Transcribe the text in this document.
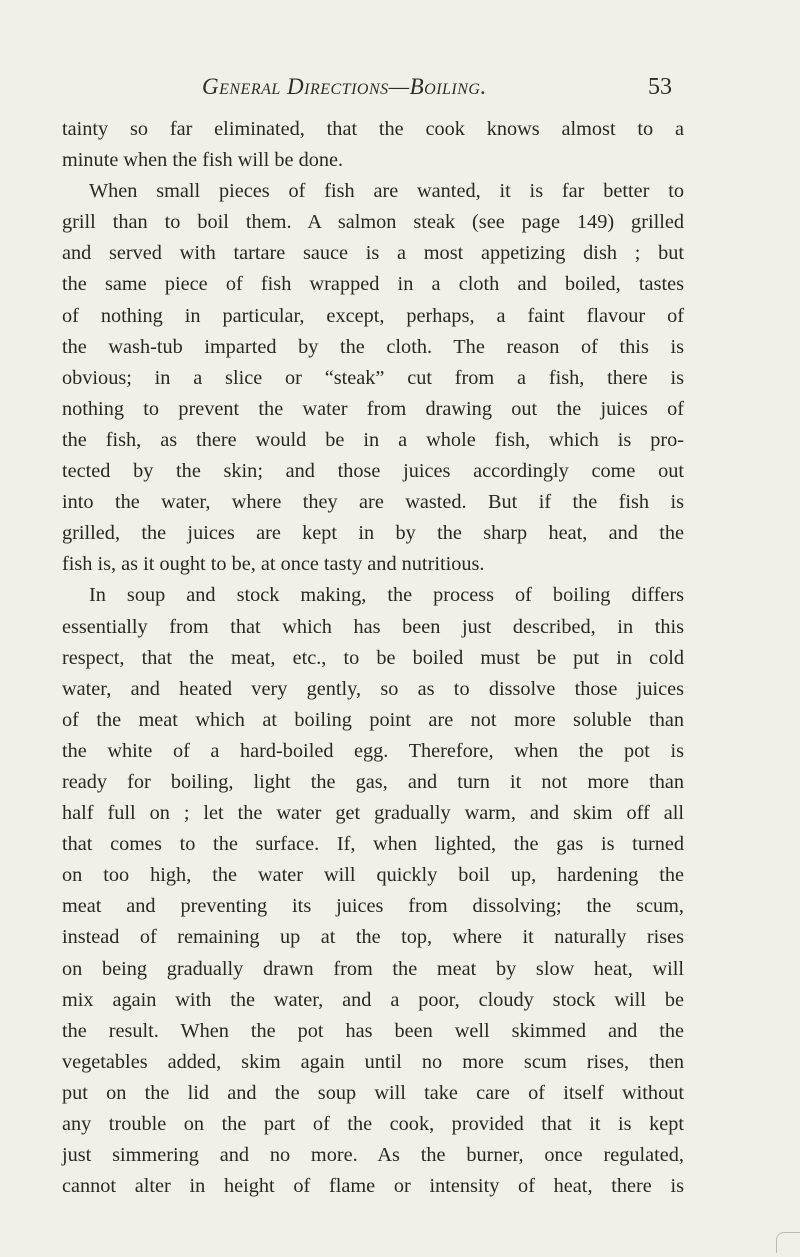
General Directions—Boiling.	53
tainty so far eliminated, that the cook knows almost to a
minute when the fish will be done.
When small pieces of fish are wanted, it is far better to
grill than to boil them. A salmon steak (see page 149) grilled
and served with tartare sauce is a most appetizing dish ; but
the same piece of fish wrapped in a cloth and boiled, tastes
of nothing in particular, except, perhaps, a faint flavour of
the wash-tub imparted by the cloth. The reason of this is
obvious; in a slice or “steak” cut from a fish, there is
nothing to prevent the water from drawing out the juices of
the fish, as there would be in a whole fish, which is pro-
tected by the skin; and those juices accordingly come out
into the water, where they are wasted. But if the fish is
grilled, the juices are kept in by the sharp heat, and the
fish is, as it ought to be, at once tasty and nutritious.
In soup and stock making, the process of boiling differs
essentially from that which has been just described, in this
respect, that the meat, etc., to be boiled must be put in cold
water, and heated very gently, so as to dissolve those juices
of the meat which at boiling point are not more soluble than
the white of a hard-boiled egg. Therefore, when the pot is
ready for boiling, light the gas, and turn it not more than
half full on ; let the water get gradually warm, and skim off all
that comes to the surface. If, when lighted, the gas is turned
on too high, the water will quickly boil up, hardening the
meat and preventing its juices from dissolving; the scum,
instead of remaining up at the top, where it naturally rises
on being gradually drawn from the meat by slow heat, will
mix again with the water, and a poor, cloudy stock will be
the result. When the pot has been well skimmed and the
vegetables added, skim again until no more scum rises, then
put on the lid and the soup will take care of itself without
any trouble on the part of the cook, provided that it is kept
just simmering and no more. As the burner, once regulated,
cannot alter in height of flame or intensity of heat, there is
